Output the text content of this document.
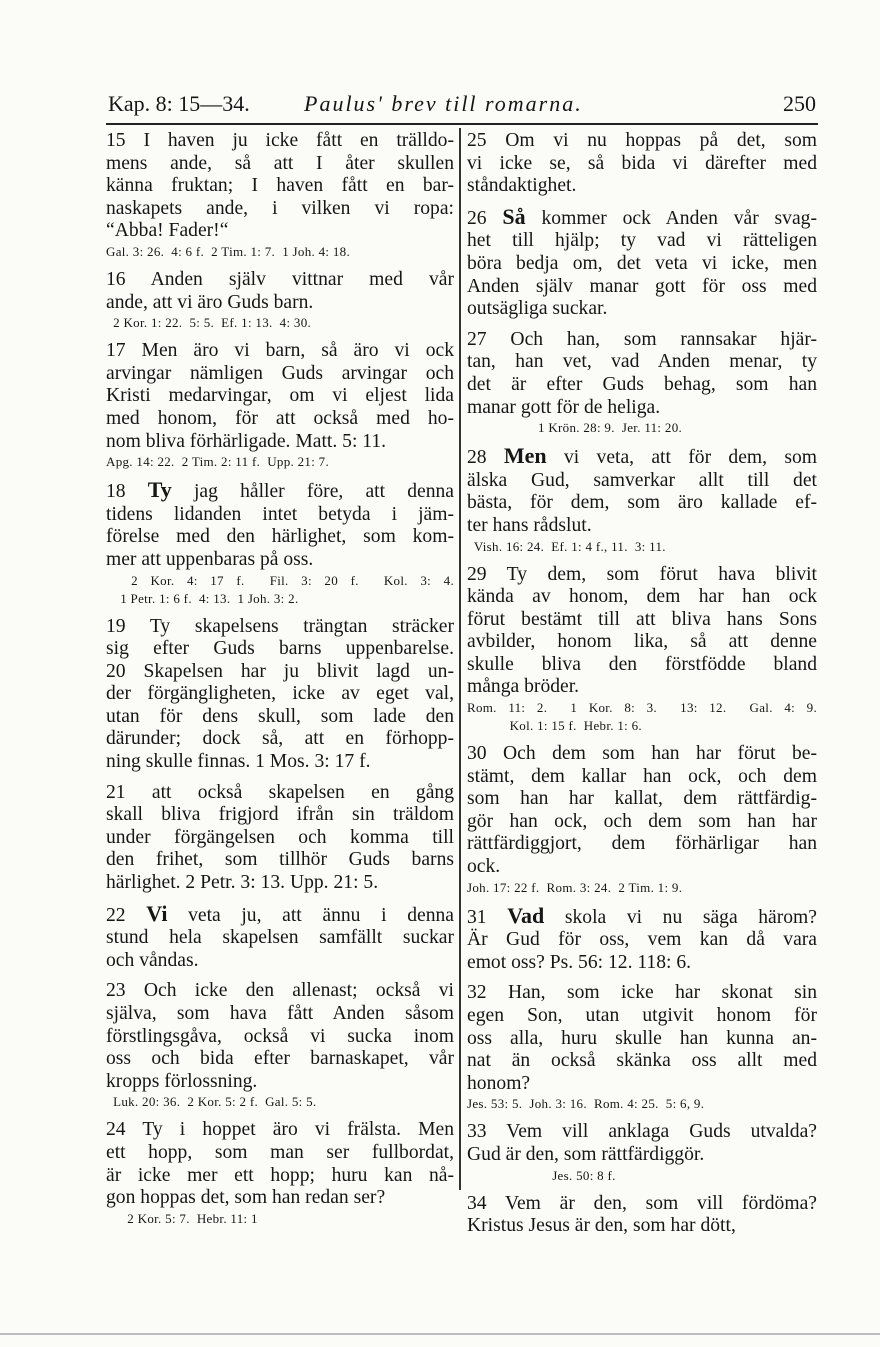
Kap. 8: 15—34. Paulus' brev till romarna.	250
15 I haven ju icke fått en trälldo-
mens ande, så att I åter skullen
känna fruktan; I haven fått en bar-
naskapets ande, i vilken vi ropa:
“Abba! Fader!“
Gal. 3: 26.  4: 6 f.  2 Tim. 1: 7.  1 Joh. 4: 18.
16 Anden själv vittnar med vår
ande, att vi äro Guds barn.
2 Kor. 1: 22.  5: 5.  Ef. 1: 13.  4: 30.
17 Men äro vi barn, så äro vi ock
arvingar nämligen Guds arvingar och
Kristi medarvingar, om vi eljest lida
med honom, för att också med ho-
nom bliva förhärligade. Matt. 5: 11.
Apg. 14: 22.  2 Tim. 2: 11 f.  Upp. 21: 7.
18 Ty jag håller före, att denna
tidens lidanden intet betyda i jäm-
förelse med den härlighet, som kom-
mer att uppenbaras på oss.
2 Kor. 4: 17 f.  Fil. 3: 20 f.  Kol. 3: 4.
1 Petr. 1: 6 f.  4: 13.  1 Joh. 3: 2.
19 Ty skapelsens trängtan sträcker
sig efter Guds barns uppenbarelse.
20 Skapelsen har ju blivit lagd un-
der förgängligheten, icke av eget val,
utan för dens skull, som lade den
därunder; dock så, att en förhopp-
ning skulle finnas. 1 Mos. 3: 17 f.
21 att också skapelsen en gång
skall bliva frigjord ifrån sin träldom
under förgängelsen och komma till
den frihet, som tillhör Guds barns
härlighet. 2 Petr. 3: 13. Upp. 21: 5.
22 Vi veta ju, att ännu i denna
stund hela skapelsen samfällt suckar
och våndas.
23 Och icke den allenast; också vi
själva, som hava fått Anden såsom
förstlingsgåva, också vi sucka inom
oss och bida efter barnaskapet, vår
kropps förlossning.
Luk. 20: 36.  2 Kor. 5: 2 f.  Gal. 5: 5.
24 Ty i hoppet äro vi frälsta. Men
ett hopp, som man ser fullbordat,
är icke mer ett hopp; huru kan nå-
gon hoppas det, som han redan ser?
2 Kor. 5: 7.  Hebr. 11: 1
25 Om vi nu hoppas på det, som
vi icke se, så bida vi därefter med
ståndaktighet.
26 Så kommer ock Anden vår svag-
het till hjälp; ty vad vi rätteligen
böra bedja om, det veta vi icke, men
Anden själv manar gott för oss med
outsägliga suckar.
27 Och han, som rannsakar hjär-
tan, han vet, vad Anden menar, ty
det är efter Guds behag, som han
manar gott för de heliga.
1 Krön. 28: 9.  Jer. 11: 20.
28 Men vi veta, att för dem, som
älska Gud, samverkar allt till det
bästa, för dem, som äro kallade ef-
ter hans rådslut.
Vish. 16: 24.  Ef. 1: 4 f., 11.  3: 11.
29 Ty dem, som förut hava blivit
kända av honom, dem har han ock
förut bestämt till att bliva hans Sons
avbilder, honom lika, så att denne
skulle bliva den förstfödde bland
många bröder.
Rom. 11: 2.  1 Kor. 8: 3.  13: 12.  Gal. 4: 9.
Kol. 1: 15 f.  Hebr. 1: 6.
30 Och dem som han har förut be-
stämt, dem kallar han ock, och dem
som han har kallat, dem rättfärdig-
gör han ock, och dem som han har
rättfärdiggjort, dem förhärligar han
ock.
Joh. 17: 22 f.  Rom. 3: 24.  2 Tim. 1: 9.
31 Vad skola vi nu säga härom?
Är Gud för oss, vem kan då vara
emot oss? Ps. 56: 12. 118: 6.
32 Han, som icke har skonat sin
egen Son, utan utgivit honom för
oss alla, huru skulle han kunna an-
nat än också skänka oss allt med
honom?
Jes. 53: 5.  Joh. 3: 16.  Rom. 4: 25.  5: 6, 9.
33 Vem vill anklaga Guds utvalda?
Gud är den, som rättfärdiggör.
Jes. 50: 8 f.
34 Vem är den, som vill fördöma?
Kristus Jesus är den, som har dött,
